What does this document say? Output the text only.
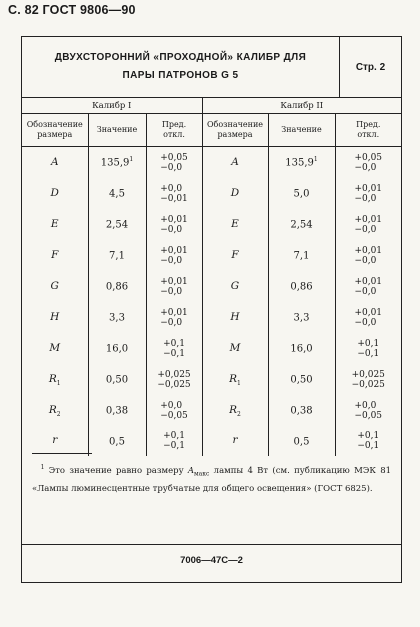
С. 82 ГОСТ 9806—90
ДВУХСТОРОННИЙ «ПРОХОДНОЙ» КАЛИБР ДЛЯ
ПАРЫ ПАТРОНОВ G 5
Стр. 2
Калибр I			Калибр II		
Обозначение
размера	Значение	Пред.
откл.	Обозначение
размера	Значение	Пред.
откл.
A	$135,9^1$	+0,05
−0,0	A	$135,9^1$	+0,05
−0,0

D	4,5	+0,0
−0,01	D	5,0	+0,01
−0,0

E	2,54	+0,01
−0,0	E	2,54	+0,01
−0,0

F	7,1	+0,01
−0,0	F	7,1	+0,01
−0,0

G	0,86	+0,01
−0,0	G	0,86	+0,01
−0,0

H	3,3	+0,01
−0,0	H	3,3	+0,01
−0,0

M	16,0	+0,1
−0,1	M	16,0	+0,1
−0,1

$R_1$	0,50	+0,025
−0,025	$R_1$	0,50	+0,025
−0,025

$R_2$	0,38	+0,0
−0,05	$R_2$	0,38	+0,0
−0,05

r	0,5	+0,1
−0,1	r	0,5	+0,1
−0,1
$^1$ Это значение равно размеру $A_{макс}$ лампы 4 Вт (см. публикацию МЭК 81 «Лампы люминесцентные трубчатые для общего освещения» (ГОСТ 6825).
7006—47С—2
